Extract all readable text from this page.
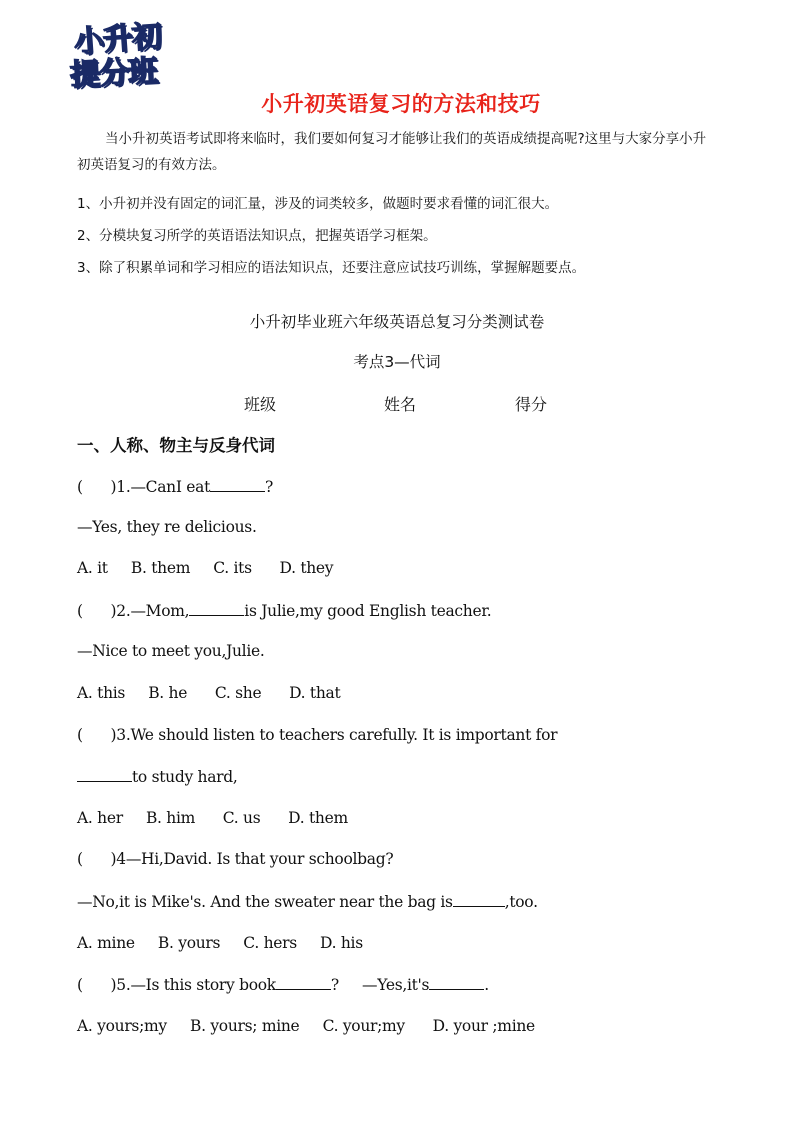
小升初
提分班
小升初英语复习的方法和技巧
当小升初英语考试即将来临时，我们要如何复习才能够让我们的英语成绩提高呢?这里与大家分享小升初英语复习的有效方法。
1、小升初并没有固定的词汇量，涉及的词类较多，做题时要求看懂的词汇很大。
2、分模块复习所学的英语语法知识点，把握英语学习框架。
3、除了积累单词和学习相应的语法知识点，还要注意应试技巧训练，掌握解题要点。
小升初毕业班六年级英语总复习分类测试卷
考点3—代词
班级	姓名	得分
一、人称、物主与反身代词
(      )1.—CanI eat	?
—Yes, they re delicious.
A. it     B. them     C. its      D. they
(      )2.—Mom,	is Julie,my good English teacher.
—Nice to meet you,Julie.
A. this     B. he      C. she      D. that
(      )3.We should listen to teachers carefully. It is important for
to study hard,
A. her     B. him      C. us      D. them
(      )4—Hi,David. Is that your schoolbag?
—No,it is Mike's. And the sweater near the bag is	,too.
A. mine     B. yours     C. hers     D. his
(      )5.—Is this story book	?     —Yes,it's	.
A. yours;my     B. yours; mine     C. your;my      D. your ;mine
